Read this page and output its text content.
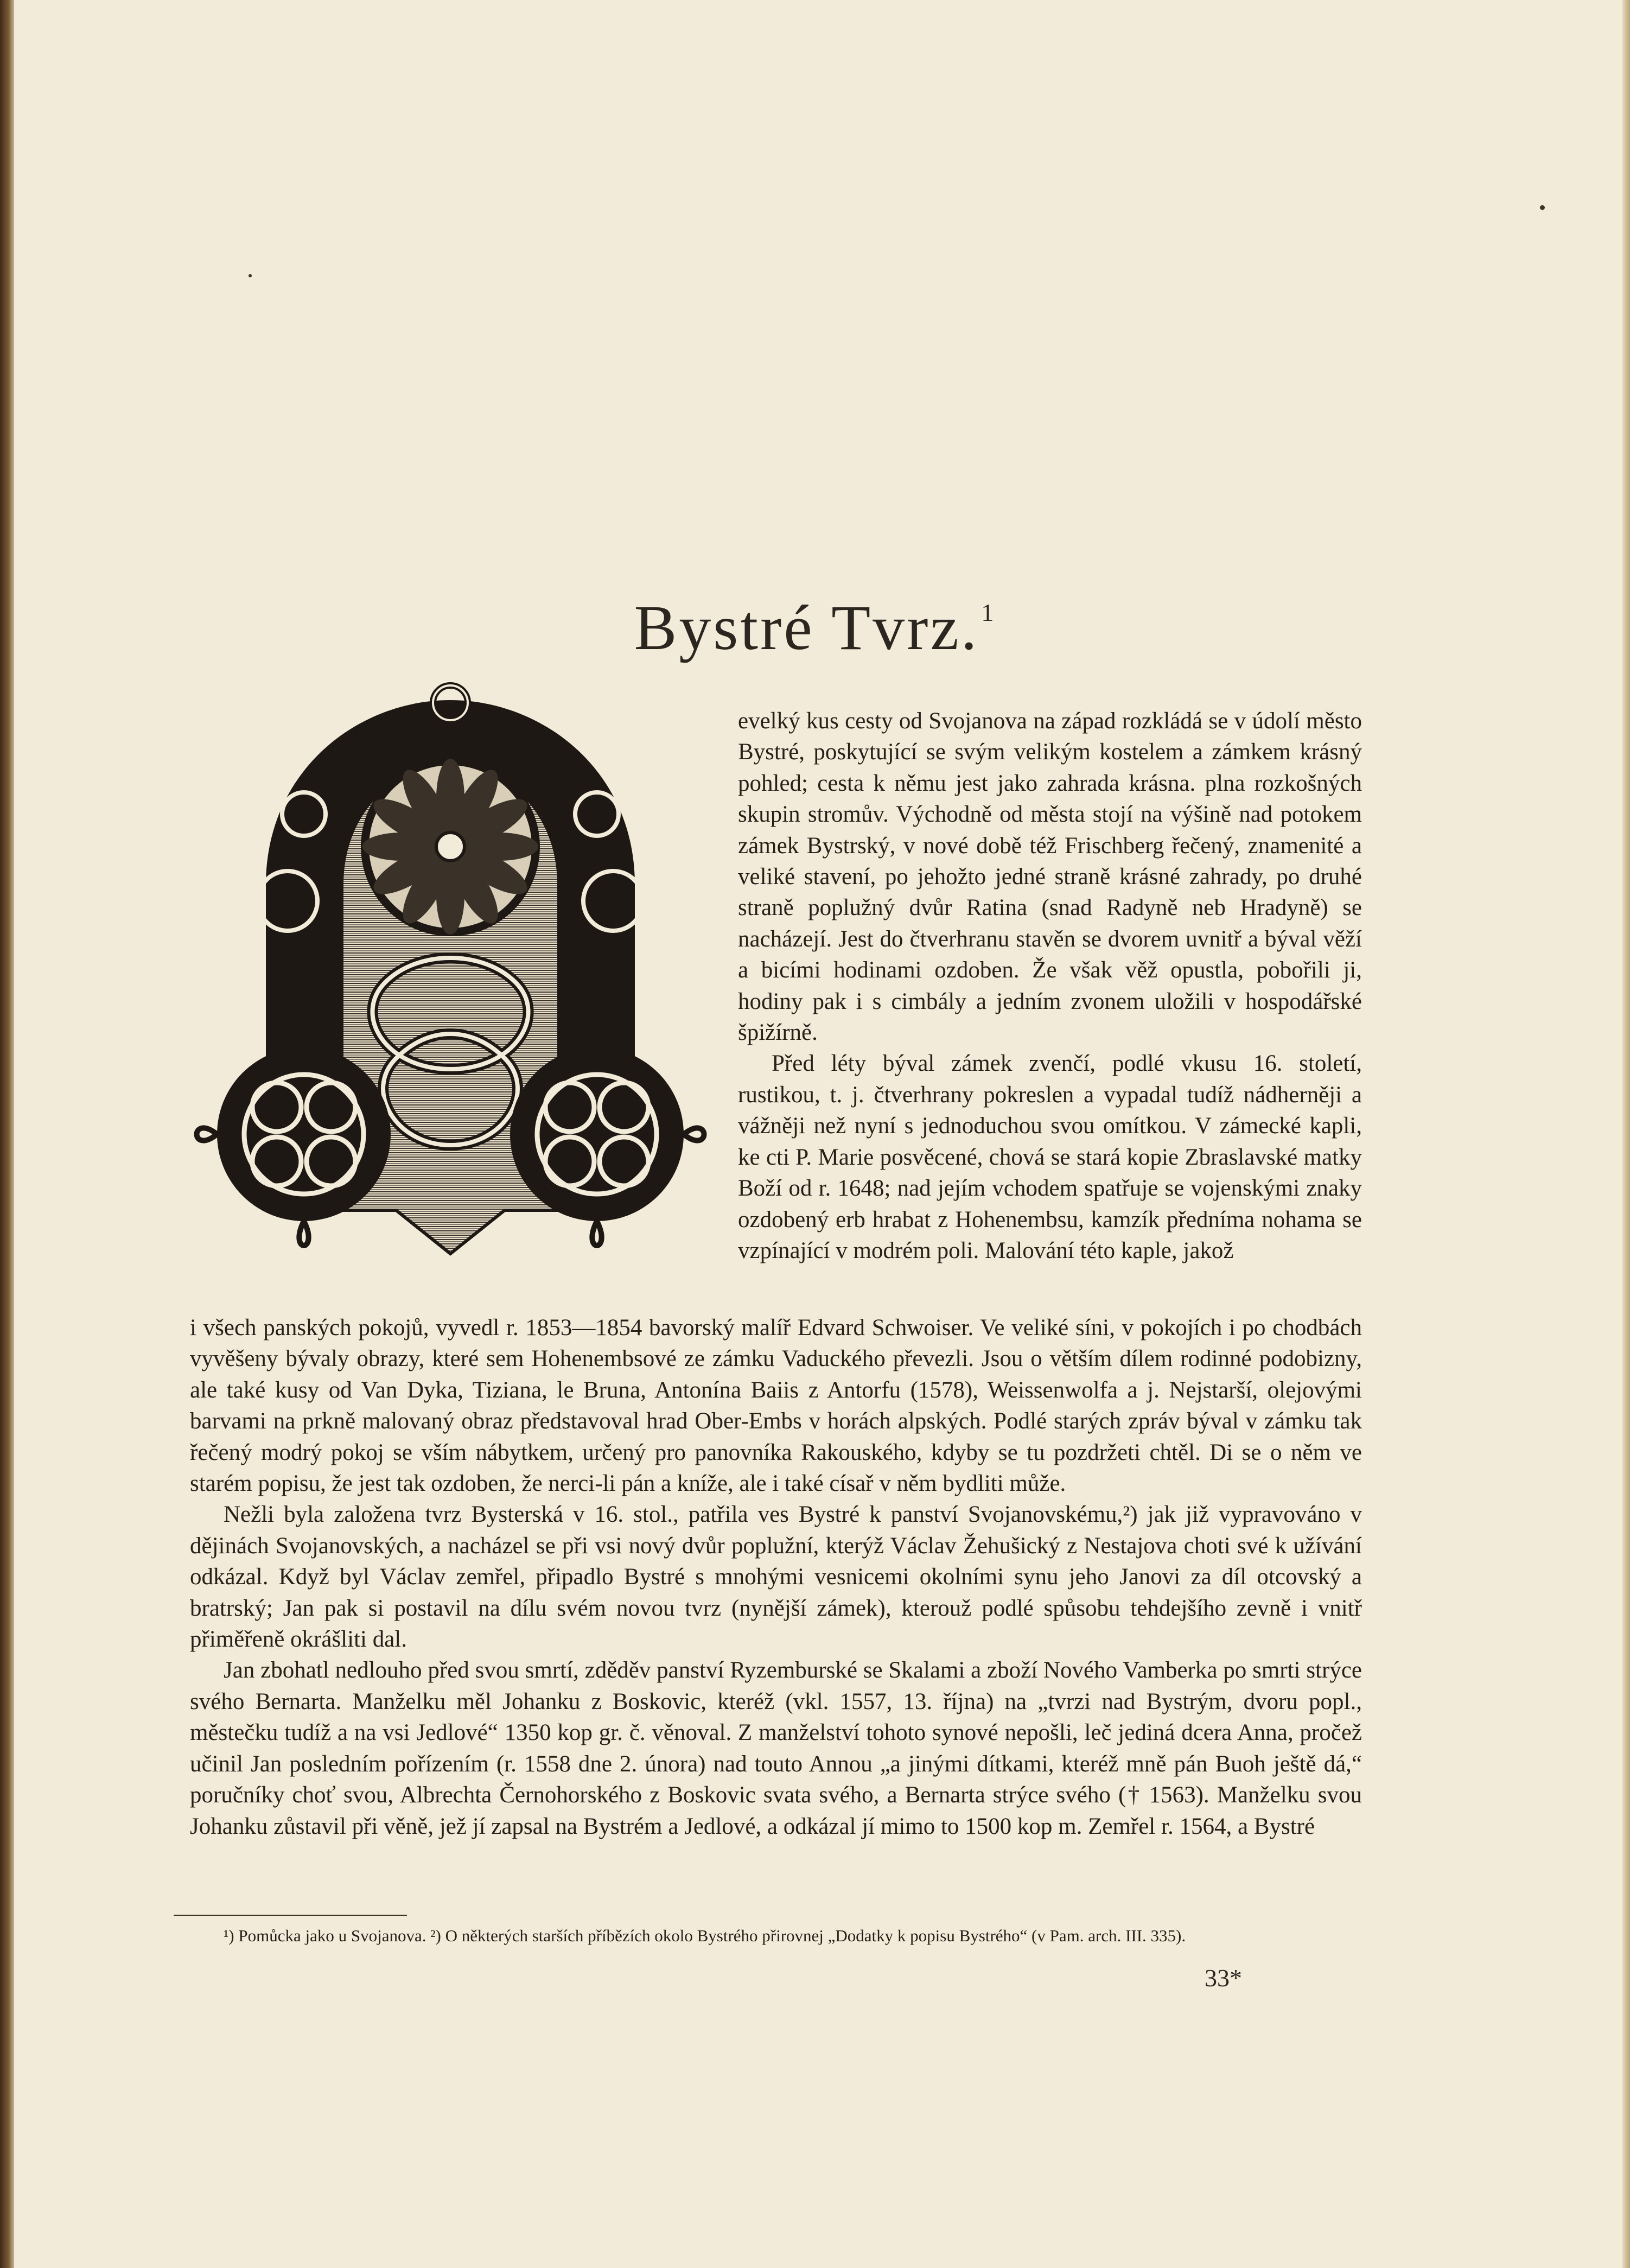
Bystré Tvrz.$^1$

evelký kus cesty od Svojanova na západ rozkládá se v údolí město Bystré, poskytující se svým velikým kostelem a zámkem krásný pohled; cesta k němu jest jako zahrada krásna. plna rozkošných skupin stromův. Východně od města stojí na výšině nad potokem zámek Bystrský, v nové době též Frischberg řečený, znamenité a veliké stavení, po jehožto jedné straně krásné zahrady, po druhé straně poplužný dvůr Ratina (snad Radyně neb Hradyně) se nacházejí. Jest do čtverhranu stavěn se dvorem uvnitř a býval věží a bicími hodinami ozdoben. Že však věž opustla, pobořili ji, hodiny pak i s cimbály a jedním zvonem uložili v hospodářské špižírně.

Před léty býval zámek zvenčí, podlé vkusu 16. století, rustikou, t. j. čtverhrany pokreslen a vypadal tudíž nádherněji a vážněji než nyní s jednoduchou svou omítkou. V zámecké kapli, ke cti P. Marie posvěcené, chová se stará kopie Zbraslavské matky Boží od r. 1648; nad jejím vchodem spatřuje se vojenskými znaky ozdobený erb hrabat z Hohenembsu, kamzík předníma nohama se vzpínající v modrém poli. Malování této kaple, jakož

i všech panských pokojů, vyvedl r. 1853—1854 bavorský malíř Edvard Schwoiser. Ve veliké síni, v pokojích i po chodbách vyvěšeny bývaly obrazy, které sem Hohenembsové ze zámku Vaduckého převezli. Jsou o větším dílem rodinné podobizny, ale také kusy od Van Dyka, Tiziana, le Bruna, Antonína Baiis z Antorfu (1578), Weissenwolfa a j. Nejstarší, olejovými barvami na prkně malovaný obraz představoval hrad Ober-Embs v horách alpských. Podlé starých zpráv býval v zámku tak řečený modrý pokoj se vším nábytkem, určený pro panovníka Rakouského, kdyby se tu pozdržeti chtěl. Di se o něm ve starém popisu, že jest tak ozdoben, že nerci-li pán a kníže, ale i také císař v něm bydliti může.

Nežli byla založena tvrz Bysterská v 16. stol., patřila ves Bystré k panství Svojanovskému,²) jak již vypravováno v dějinách Svojanovských, a nacházel se při vsi nový dvůr poplužní, kterýž Václav Žehušický z Nestajova choti své k užívání odkázal. Když byl Václav zemřel, připadlo Bystré s mnohými vesnicemi okolními synu jeho Janovi za díl otcovský a bratrský; Jan pak si postavil na dílu svém novou tvrz (nynější zámek), kterouž podlé spůsobu tehdejšího zevně i vnitř přiměřeně okrášliti dal.

Jan zbohatl nedlouho před svou smrtí, zděděv panství Ryzemburské se Skalami a zboží Nového Vamberka po smrti strýce svého Bernarta. Manželku měl Johanku z Boskovic, kteréž (vkl. 1557, 13. října) na „tvrzi nad Bystrým, dvoru popl., městečku tudíž a na vsi Jedlové“ 1350 kop gr. č. věnoval. Z manželství tohoto synové nepošli, leč jediná dcera Anna, pročež učinil Jan posledním pořízením (r. 1558 dne 2. února) nad touto Annou „a jinými dítkami, kteréž mně pán Buoh ještě dá,“ poručníky choť svou, Albrechta Černohorského z Boskovic svata svého, a Bernarta strýce svého († 1563). Manželku svou Johanku zůstavil při věně, jež jí zapsal na Bystrém a Jedlové, a odkázal jí mimo to 1500 kop m. Zemřel r. 1564, a Bystré

¹) Pomůcka jako u Svojanova. ²) O některých starších příbězích okolo Bystrého přirovnej „Dodatky k popisu Bystrého“ (v Pam. arch. III. 335).

33*
